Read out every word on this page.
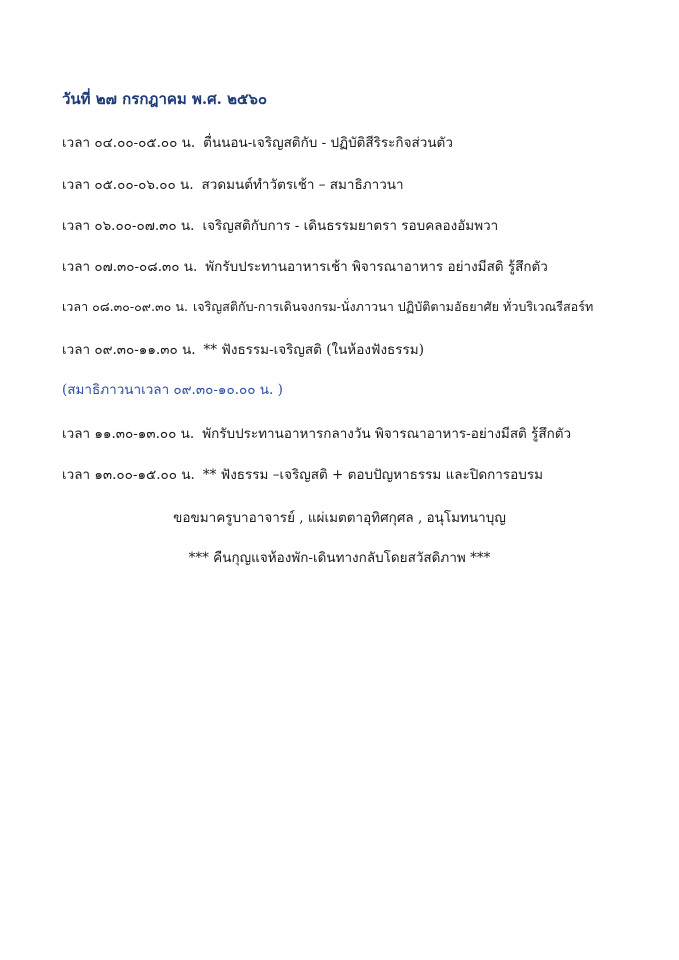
วันที่ ๒๗ กรกฎาคม พ.ศ. ๒๕๖๐
เวลา ๐๔.๐๐-๐๕.๐๐ น. ตื่นนอน-เจริญสติกับ - ปฏิบัติสีริระกิจส่วนตัว
เวลา ๐๕.๐๐-๐๖.๐๐ น. สวดมนต์ทำวัตรเช้า – สมาธิภาวนา
เวลา ๐๖.๐๐-๐๗.๓๐ น. เจริญสติกับการ - เดินธรรมยาตรา รอบคลองอัมพวา
เวลา ๐๗.๓๐-๐๘.๓๐ น. พักรับประทานอาหารเช้า พิจารณาอาหาร อย่างมีสติ รู้สึกตัว
เวลา ๐๘.๓๐-๐๙.๓๐ น. เจริญสติกับ-การเดินจงกรม-นั่งภาวนา ปฏิบัติตามอัธยาศัย ทั่วบริเวณรีสอร์ท
เวลา ๐๙.๓๐-๑๑.๓๐ น. ** ฟังธรรม-เจริญสติ (ในห้องฟังธรรม)
(สมาธิภาวนาเวลา ๐๙.๓๐-๑๐.๐๐ น. )
เวลา ๑๑.๓๐-๑๓.๐๐ น. พักรับประทานอาหารกลางวัน พิจารณาอาหาร-อย่างมีสติ รู้สึกตัว
เวลา ๑๓.๐๐-๑๕.๐๐ น. ** ฟังธรรม –เจริญสติ + ตอบปัญหาธรรม และปิดการอบรม
ขอขมาครูบาอาจารย์ , แผ่เมตตาอุทิศกุศล , อนุโมทนาบุญ
*** คืนกุญแจห้องพัก-เดินทางกลับโดยสวัสดิภาพ ***
